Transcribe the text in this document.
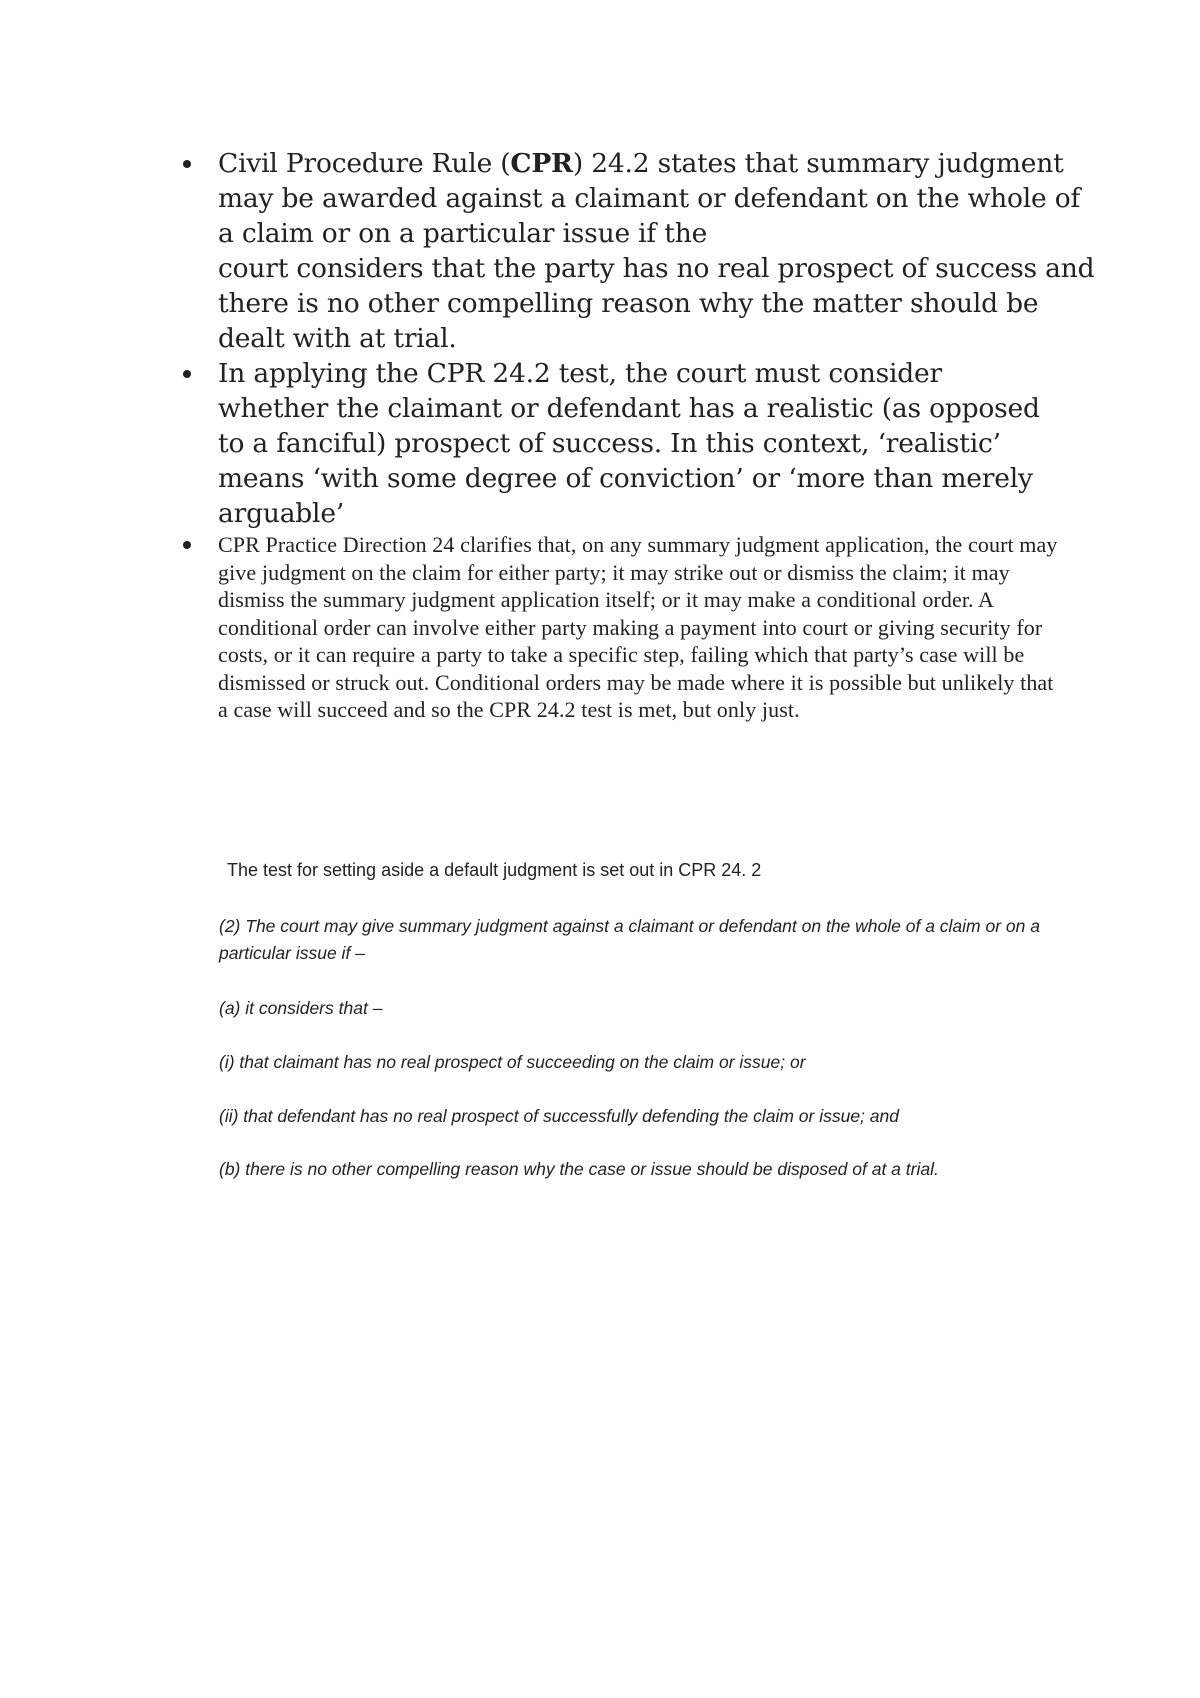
Civil Procedure Rule (CPR) 24.2 states that summary judgment may be awarded against a claimant or defendant on the whole of a claim or on a particular issue if the
court considers that the party has no real prospect of success and there is no other compelling reason why the matter should be dealt with at trial.
In applying the CPR 24.2 test, the court must consider whether the claimant or defendant has a realistic (as opposed to a fanciful) prospect of success. In this context, ‘realistic’ means ‘with some degree of conviction’ or ‘more than merely arguable’
CPR Practice Direction 24 clarifies that, on any summary judgment application, the court may give judgment on the claim for either party; it may strike out or dismiss the claim; it may dismiss the summary judgment application itself; or it may make a conditional order. A conditional order can involve either party making a payment into court or giving security for costs, or it can require a party to take a specific step, failing which that party’s case will be dismissed or struck out. Conditional orders may be made where it is possible but unlikely that a case will succeed and so the CPR 24.2 test is met, but only just.
The test for setting aside a default judgment is set out in CPR 24. 2
(2) The court may give summary judgment against a claimant or defendant on the whole of a claim or on a particular issue if –
(a) it considers that –
(i) that claimant has no real prospect of succeeding on the claim or issue; or
(ii) that defendant has no real prospect of successfully defending the claim or issue; and
(b) there is no other compelling reason why the case or issue should be disposed of at a trial.
